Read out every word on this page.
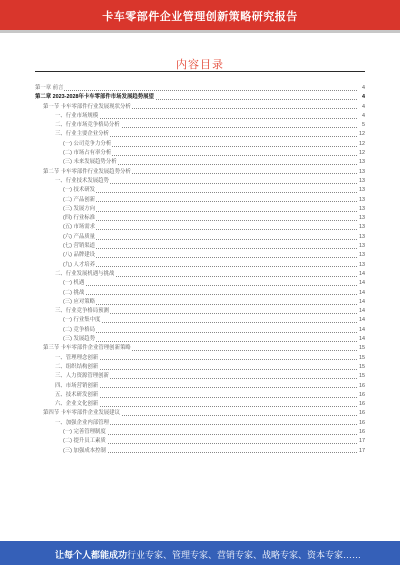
卡车零部件企业管理创新策略研究报告
内容目录
第一章 前言	4
第二章 2023-2028年卡车零部件市场发展趋势展望	4
第一节 卡车零部件行业发展现状分析	4
一、行业市场规模	4
二、行业市场竞争格局分析	5
三、行业主要企业分析	12
(一) 公司竞争力分析	12
(二) 市场占有率分析	12
(三) 未来发展趋势分析	13
第二节 卡车零部件行业发展趋势分析	13
一、行业技术发展趋势	13
(一) 技术研发	13
(二) 产品创新	13
(三) 发展方向	13
(四) 行业标准	13
(五) 市场需求	13
(六) 产品质量	13
(七) 营销渠道	13
(八) 品牌建设	13
(九) 人才培养	13
二、行业发展机遇与挑战	14
(一) 机遇	14
(二) 挑战	14
(三) 应对策略	14
三、行业竞争格局预测	14
(一) 行业集中度	14
(二) 竞争格局	14
(三) 发展趋势	14
第三节 卡车零部件企业管理创新策略	15
一、管理理念创新	15
二、组织结构创新	15
三、人力资源管理创新	15
四、市场营销创新	16
五、技术研发创新	16
六、企业文化创新	16
第四节 卡车零部件企业发展建议	16
一、加强企业内部管理	16
(一) 完善管理制度	16
(二) 提升员工素质	17
(三) 加强成本控制	17
让每个人都能成功 行业专家、管理专家、营销专家、战略专家、资本专家……
